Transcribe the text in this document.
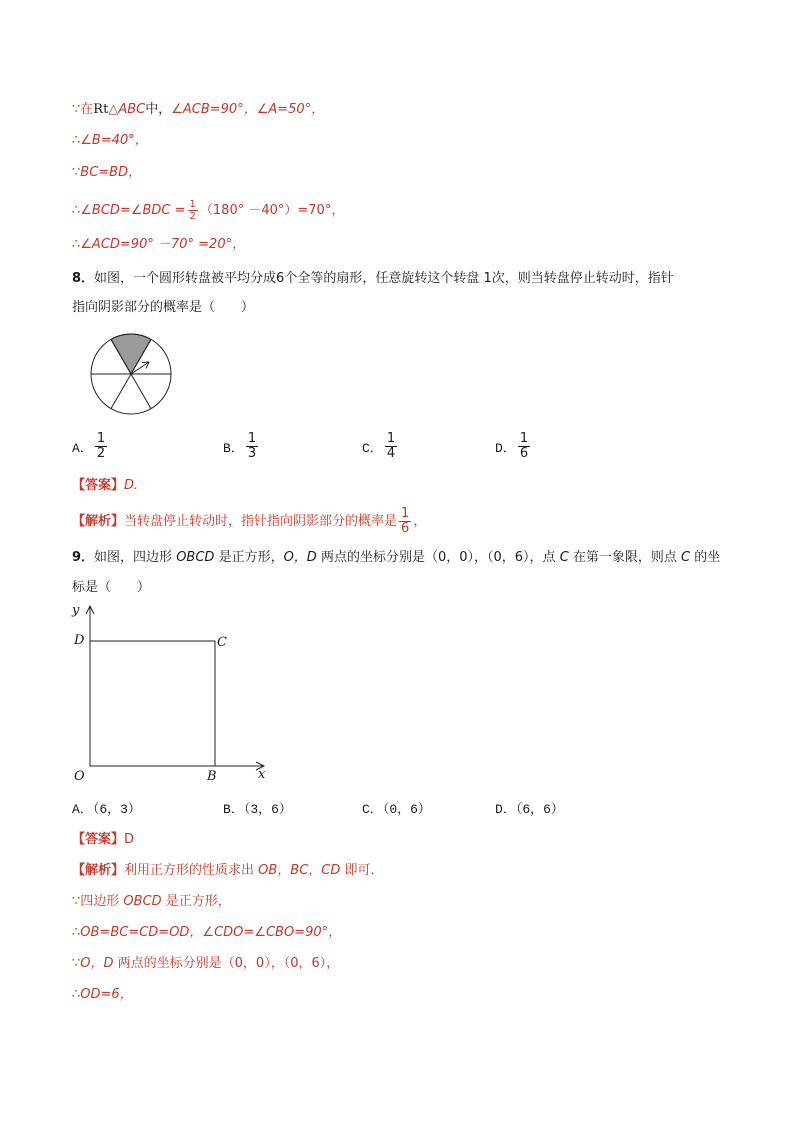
∵在Rt△ABC中，∠ACB=90°，∠A=50°，
∴∠B=40°，
∵BC=BD，
∴∠BCD=∠BDC = $\frac{1}{2} (180^\circ -40^\circ)=70^\circ$，
∴∠ACD=90° －70° =20°，
8．如图，一个圆形转盘被平均分成6个全等的扇形，任意旋转这个转盘 1次，则当转盘停止转动时，指针
指向阴影部分的概率是（　　）
A． $\frac{1}{2}$	B． $\frac{1}{3}$	C． $\frac{1}{4}$	D． $\frac{1}{6}$
【答案】D.
【解析】当转盘停止转动时，指针指向阴影部分的概率是 $\frac{1}{6}$ ，
9．如图，四边形 OBCD 是正方形，O，D 两点的坐标分别是（0，0），（0，6），点 C 在第一象限，则点 C 的坐
标是（　　）
y
x
O	B
C
D
A．（6，3）	B．（3，6）	C．（0，6）	D．（6，6）
【答案】D
【解析】利用正方形的性质求出 OB，BC，CD 即可．
∵四边形 OBCD 是正方形，
∴OB=BC=CD=OD，∠CDO=∠CBO=90°，
∵O，D 两点的坐标分别是（0，0），（0，6），
∴OD=6，
